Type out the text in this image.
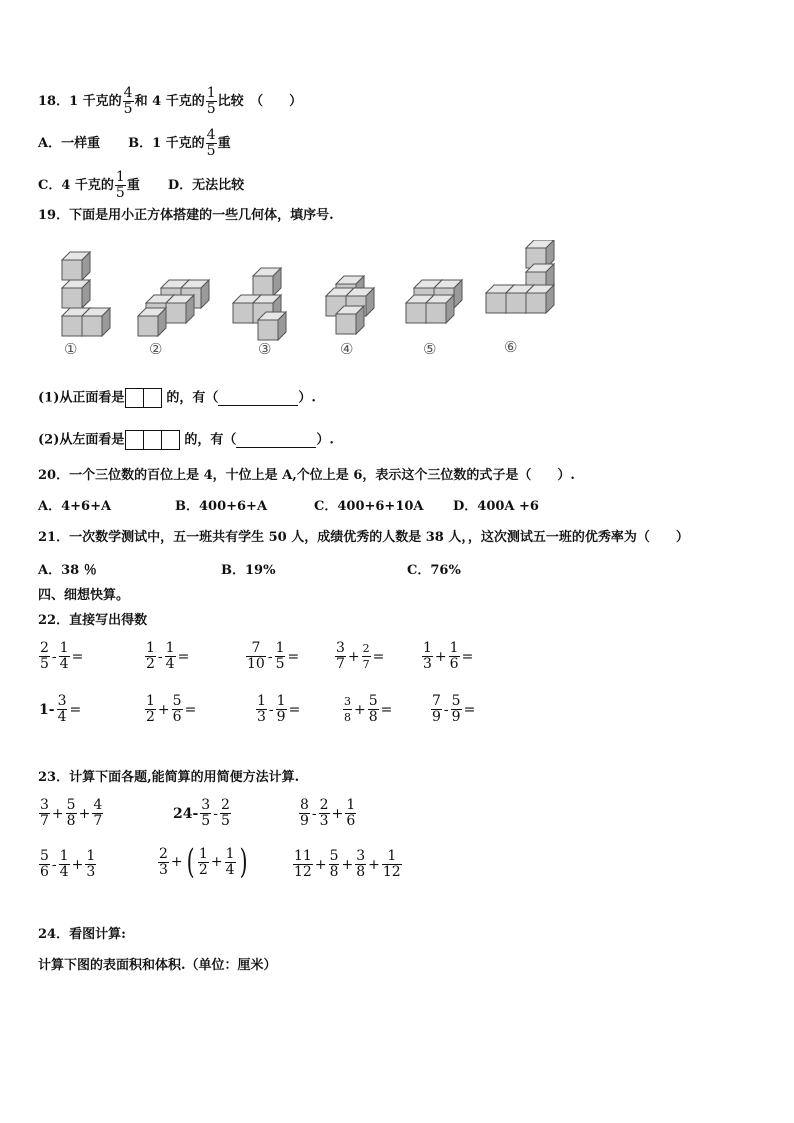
18．1 千克的 $\frac{4}{5}$ 和 4 千克的 $\frac{1}{5}$ 比较　（　　）
A．一样重 B．1 千克的 $\frac{4}{5}$ 重
C．4 千克的 $\frac{1}{5}$ 重 D．无法比较
19．下面是用小正方体搭建的一些几何体，填序号.
①	②	③	④	⑤	⑥
(1)从正面看是	的，有（	）.
(2)从左面看是	的，有（	）.
20．一个三位数的百位上是 4，十位上是 A,个位上是 6，表示这个三位数的式子是（　　）.
A．4+6+A	B．400+6+A	C．400+6+10A D．400A +6
21．一次数学测试中，五一班共有学生 50 人，成绩优秀的人数是 38 人，，这次测试五一班的优秀率为（　　）
A．38 ％	B．19%	C．76%
四、细想快算。
22．直接写出得数
$\frac{2}{5} - \frac{1}{4}$ =	$\frac{1}{2} - \frac{1}{4}$ =	$\frac{7}{10} - \frac{1}{5}$ =	$\frac{3}{7} + \frac{2}{7}$ =	$\frac{1}{3} + \frac{1}{6}$ =
$1- \frac{3}{4}$ =	$\frac{1}{2} + \frac{5}{6}$ =	$\frac{1}{3} - \frac{1}{9}$ =	$\frac{3}{8} + \frac{5}{8}$ =	$\frac{7}{9} - \frac{5}{9}$ =
23．计算下面各题,能简算的用简便方法计算.
$\frac{3}{7} + \frac{5}{8} + \frac{4}{7}$	$24- \frac{3}{5} - \frac{2}{5}$	$\frac{8}{9} - \frac{2}{3} + \frac{1}{6}$
$\frac{5}{6} - \frac{1}{4} + \frac{1}{3}$	$\frac{2}{3}$ + ( $\frac{1}{2} + \frac{1}{4}$ )	$\frac{11}{12} + \frac{5}{8} + \frac{3}{8} + \frac{1}{12}$
24．看图计算:
计算下图的表面积和体积.（单位：厘米）
